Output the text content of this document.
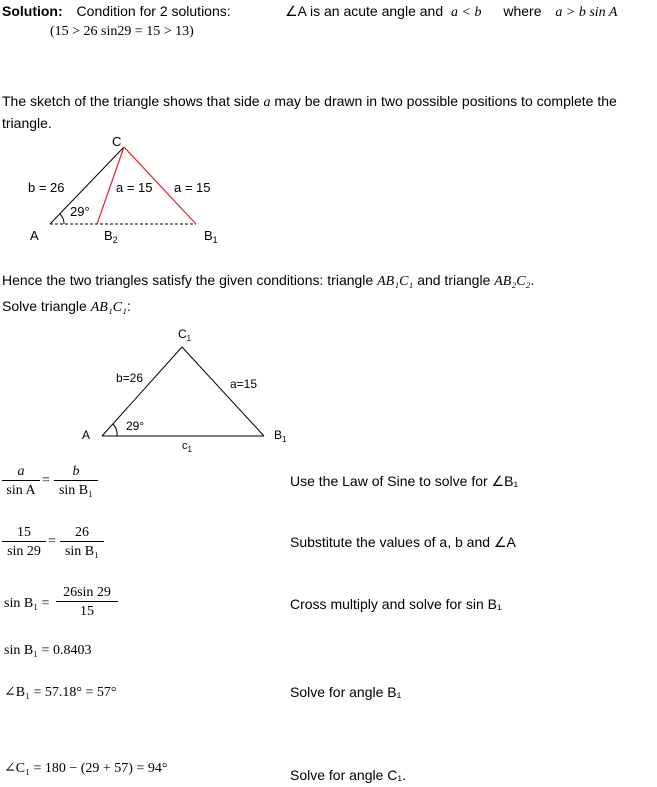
Solution: Condition for 2 solutions:	∠A is an acute angle and a < b where a > b sin A
(15 > 26 sin29 = 15 > 13)
The sketch of the triangle shows that side a may be drawn in two possible positions to complete the
triangle.
C
A	$B_2$	$B_1$
b = 26	a = 15 a = 15
29°
Hence the two triangles satisfy the given conditions: triangle AB₁C₁ and triangle AB₂C₂.
Solve triangle AB₁C₁:
$C_1$
A	$B_1$
$c_1$
b=26	a=15
29°
$\frac{a}{\text{sin A}} = \frac{b}{\text{sin B₁}}$	Use the Law of Sine to solve for ∠B₁
$\frac{15}{\sin 29} = \frac{26}{\text{sin B₁}}$	Substitute the values of a, b and ∠A
$\sin B_1 = \frac{26\sin 29}{15}$	Cross multiply and solve for sin B₁
sin B₁ = 0.8403
∠B₁ = 57.18° = 57°	Solve for angle B₁
∠C₁ = 180 − (29 + 57) = 94°	Solve for angle C₁.
